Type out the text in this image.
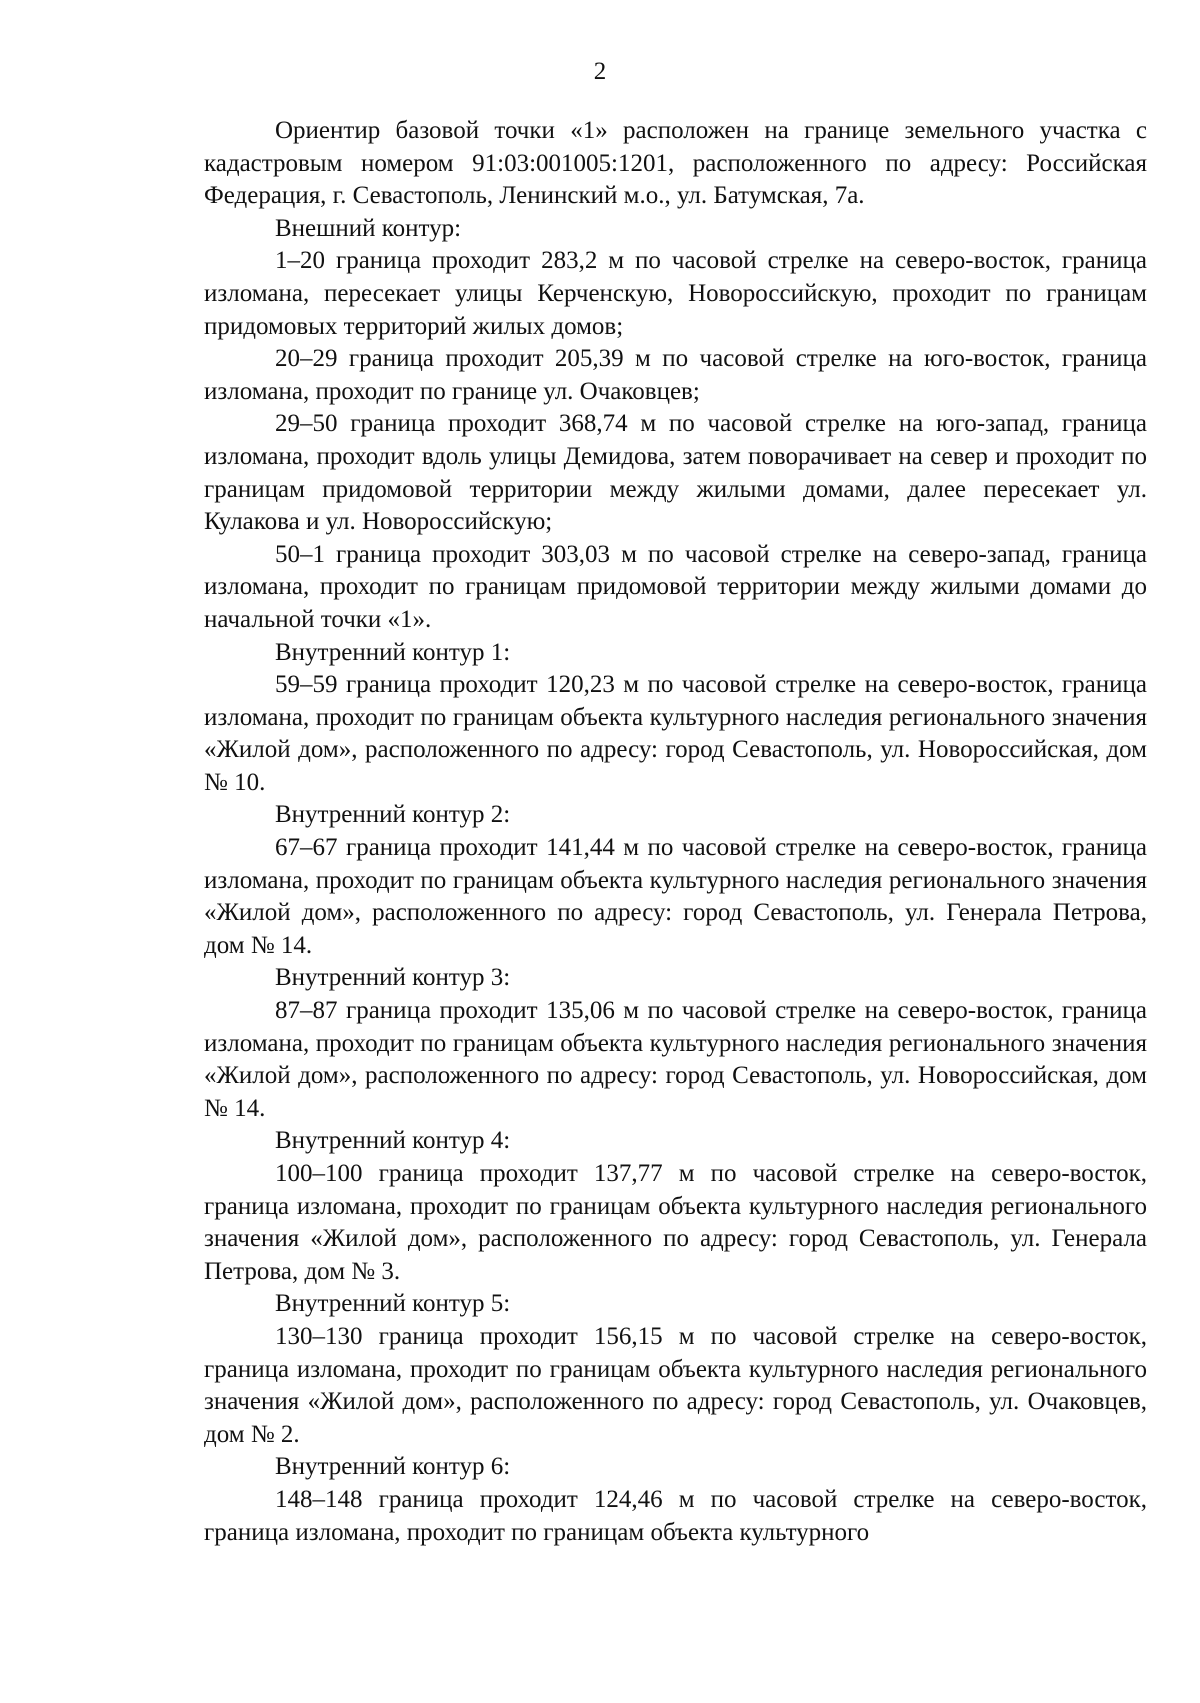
2

Ориентир базовой точки «1» расположен на границе земельного участка с кадастровым номером 91:03:001005:1201, расположенного по адресу: Российская Федерация, г. Севастополь, Ленинский м.о., ул. Батумская, 7а.

Внешний контур:

1–20 граница проходит 283,2 м по часовой стрелке на северо-восток, граница изломана, пересекает улицы Керченскую, Новороссийскую, проходит по границам придомовых территорий жилых домов;

20–29 граница проходит 205,39 м по часовой стрелке на юго-восток, граница изломана, проходит по границе ул. Очаковцев;

29–50 граница проходит 368,74 м по часовой стрелке на юго-запад, граница изломана, проходит вдоль улицы Демидова, затем поворачивает на север и проходит по границам придомовой территории между жилыми домами, далее пересекает ул. Кулакова и ул. Новороссийскую;

50–1 граница проходит 303,03 м по часовой стрелке на северо-запад, граница изломана, проходит по границам придомовой территории между жилыми домами до начальной точки «1».

Внутренний контур 1:

59–59 граница проходит 120,23 м по часовой стрелке на северо-восток, граница изломана, проходит по границам объекта культурного наследия регионального значения «Жилой дом», расположенного по адресу: город Севастополь, ул. Новороссийская, дом № 10.

Внутренний контур 2:

67–67 граница проходит 141,44 м по часовой стрелке на северо-восток, граница изломана, проходит по границам объекта культурного наследия регионального значения «Жилой дом», расположенного по адресу: город Севастополь, ул. Генерала Петрова, дом № 14.

Внутренний контур 3:

87–87 граница проходит 135,06 м по часовой стрелке на северо-восток, граница изломана, проходит по границам объекта культурного наследия регионального значения «Жилой дом», расположенного по адресу: город Севастополь, ул. Новороссийская, дом № 14.

Внутренний контур 4:

100–100 граница проходит 137,77 м по часовой стрелке на северо-восток, граница изломана, проходит по границам объекта культурного наследия регионального значения «Жилой дом», расположенного по адресу: город Севастополь, ул. Генерала Петрова, дом № 3.

Внутренний контур 5:

130–130 граница проходит 156,15 м по часовой стрелке на северо-восток, граница изломана, проходит по границам объекта культурного наследия регионального значения «Жилой дом», расположенного по адресу: город Севастополь, ул. Очаковцев, дом № 2.

Внутренний контур 6:

148–148 граница проходит 124,46 м по часовой стрелке на северо-восток, граница изломана, проходит по границам объекта культурного
